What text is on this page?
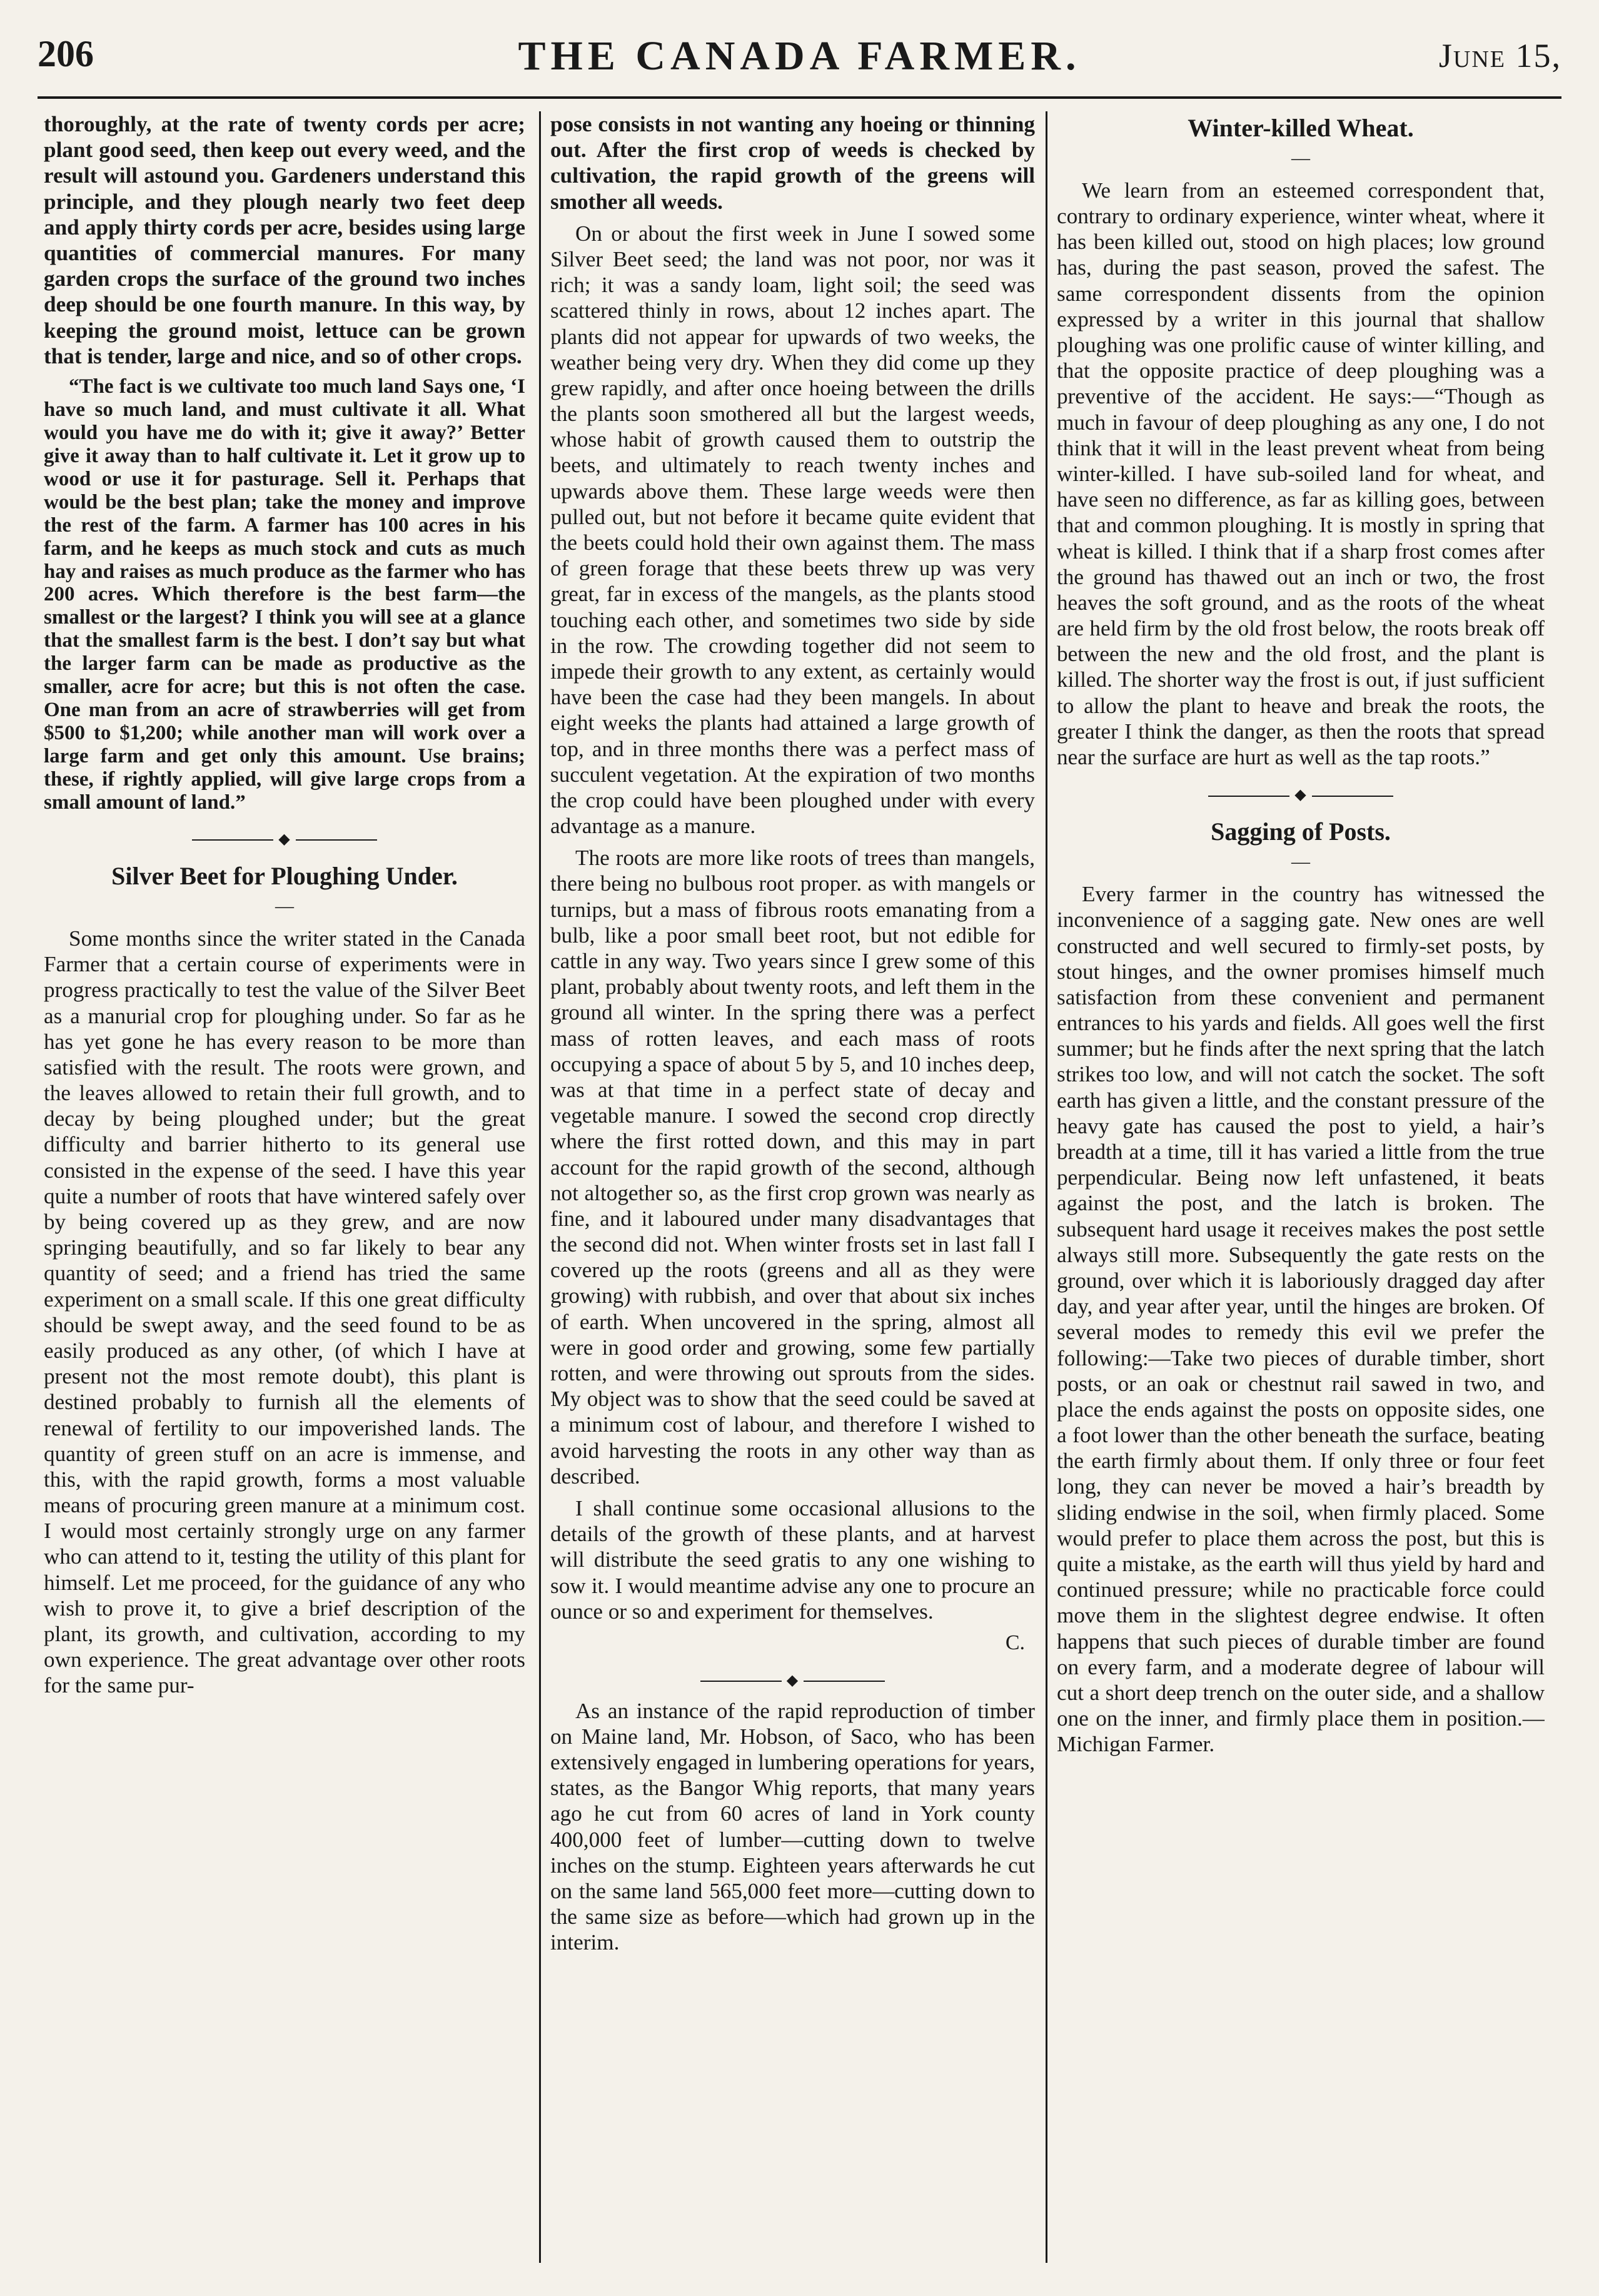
206	THE CANADA FARMER.	June 15,

thoroughly, at the rate of twenty cords per acre; plant good seed, then keep out every weed, and the result will astound you. Gardeners understand this principle, and they plough nearly two feet deep and apply thirty cords per acre, besides using large quantities of commercial manures. For many garden crops the surface of the ground two inches deep should be one fourth manure. In this way, by keeping the ground moist, lettuce can be grown that is tender, large and nice, and so of other crops.

“The fact is we cultivate too much land Says one, ‘I have so much land, and must cultivate it all. What would you have me do with it; give it away?’ Better give it away than to half cultivate it. Let it grow up to wood or use it for pasturage. Sell it. Perhaps that would be the best plan; take the money and improve the rest of the farm. A farmer has 100 acres in his farm, and he keeps as much stock and cuts as much hay and raises as much produce as the farmer who has 200 acres. Which therefore is the best farm—the smallest or the largest? I think you will see at a glance that the smallest farm is the best. I don’t say but what the larger farm can be made as productive as the smaller, acre for acre; but this is not often the case. One man from an acre of strawberries will get from $500 to $1,200; while another man will work over a large farm and get only this amount. Use brains; these, if rightly applied, will give large crops from a small amount of land.”

◆
Silver Beet for Ploughing Under.
—

Some months since the writer stated in the Canada Farmer that a certain course of experiments were in progress practically to test the value of the Silver Beet as a manurial crop for ploughing under. So far as he has yet gone he has every reason to be more than satisfied with the result. The roots were grown, and the leaves allowed to retain their full growth, and to decay by being ploughed under; but the great difficulty and barrier hitherto to its general use consisted in the expense of the seed. I have this year quite a number of roots that have wintered safely over by being covered up as they grew, and are now springing beautifully, and so far likely to bear any quantity of seed; and a friend has tried the same experiment on a small scale. If this one great difficulty should be swept away, and the seed found to be as easily produced as any other, (of which I have at present not the most remote doubt), this plant is destined probably to furnish all the elements of renewal of fertility to our impoverished lands. The quantity of green stuff on an acre is immense, and this, with the rapid growth, forms a most valuable means of procuring green manure at a minimum cost. I would most certainly strongly urge on any farmer who can attend to it, testing the utility of this plant for himself. Let me proceed, for the guidance of any who wish to prove it, to give a brief description of the plant, its growth, and cultivation, according to my own experience. The great advantage over other roots for the same pur-

pose consists in not wanting any hoeing or thinning out. After the first crop of weeds is checked by cultivation, the rapid growth of the greens will smother all weeds.

On or about the first week in June I sowed some Silver Beet seed; the land was not poor, nor was it rich; it was a sandy loam, light soil; the seed was scattered thinly in rows, about 12 inches apart. The plants did not appear for upwards of two weeks, the weather being very dry. When they did come up they grew rapidly, and after once hoeing between the drills the plants soon smothered all but the largest weeds, whose habit of growth caused them to outstrip the beets, and ultimately to reach twenty inches and upwards above them. These large weeds were then pulled out, but not before it became quite evident that the beets could hold their own against them. The mass of green forage that these beets threw up was very great, far in excess of the mangels, as the plants stood touching each other, and sometimes two side by side in the row. The crowding together did not seem to impede their growth to any extent, as certainly would have been the case had they been mangels. In about eight weeks the plants had attained a large growth of top, and in three months there was a perfect mass of succulent vegetation. At the expiration of two months the crop could have been ploughed under with every advantage as a manure.

The roots are more like roots of trees than mangels, there being no bulbous root proper. as with mangels or turnips, but a mass of fibrous roots emanating from a bulb, like a poor small beet root, but not edible for cattle in any way. Two years since I grew some of this plant, probably about twenty roots, and left them in the ground all winter. In the spring there was a perfect mass of rotten leaves, and each mass of roots occupying a space of about 5 by 5, and 10 inches deep, was at that time in a perfect state of decay and vegetable manure. I sowed the second crop directly where the first rotted down, and this may in part account for the rapid growth of the second, although not altogether so, as the first crop grown was nearly as fine, and it laboured under many disadvantages that the second did not. When winter frosts set in last fall I covered up the roots (greens and all as they were growing) with rubbish, and over that about six inches of earth. When uncovered in the spring, almost all were in good order and growing, some few partially rotten, and were throwing out sprouts from the sides. My object was to show that the seed could be saved at a minimum cost of labour, and therefore I wished to avoid harvesting the roots in any other way than as described.

I shall continue some occasional allusions to the details of the growth of these plants, and at harvest will distribute the seed gratis to any one wishing to sow it. I would meantime advise any one to procure an ounce or so and experiment for themselves.

C.
◆

As an instance of the rapid reproduction of timber on Maine land, Mr. Hobson, of Saco, who has been extensively engaged in lumbering operations for years, states, as the Bangor Whig reports, that many years ago he cut from 60 acres of land in York county 400,000 feet of lumber—cutting down to twelve inches on the stump. Eighteen years afterwards he cut on the same land 565,000 feet more—cutting down to the same size as before—which had grown up in the interim.

Winter-killed Wheat.
—

We learn from an esteemed correspondent that, contrary to ordinary experience, winter wheat, where it has been killed out, stood on high places; low ground has, during the past season, proved the safest. The same correspondent dissents from the opinion expressed by a writer in this journal that shallow ploughing was one prolific cause of winter killing, and that the opposite practice of deep ploughing was a preventive of the accident. He says:—“Though as much in favour of deep ploughing as any one, I do not think that it will in the least prevent wheat from being winter-killed. I have sub-soiled land for wheat, and have seen no difference, as far as killing goes, between that and common ploughing. It is mostly in spring that wheat is killed. I think that if a sharp frost comes after the ground has thawed out an inch or two, the frost heaves the soft ground, and as the roots of the wheat are held firm by the old frost below, the roots break off between the new and the old frost, and the plant is killed. The shorter way the frost is out, if just sufficient to allow the plant to heave and break the roots, the greater I think the danger, as then the roots that spread near the surface are hurt as well as the tap roots.”

◆
Sagging of Posts.
—

Every farmer in the country has witnessed the inconvenience of a sagging gate. New ones are well constructed and well secured to firmly-set posts, by stout hinges, and the owner promises himself much satisfaction from these convenient and permanent entrances to his yards and fields. All goes well the first summer; but he finds after the next spring that the latch strikes too low, and will not catch the socket. The soft earth has given a little, and the constant pressure of the heavy gate has caused the post to yield, a hair’s breadth at a time, till it has varied a little from the true perpendicular. Being now left unfastened, it beats against the post, and the latch is broken. The subsequent hard usage it receives makes the post settle always still more. Subsequently the gate rests on the ground, over which it is laboriously dragged day after day, and year after year, until the hinges are broken. Of several modes to remedy this evil we prefer the following:—Take two pieces of durable timber, short posts, or an oak or chestnut rail sawed in two, and place the ends against the posts on opposite sides, one a foot lower than the other beneath the surface, beating the earth firmly about them. If only three or four feet long, they can never be moved a hair’s breadth by sliding endwise in the soil, when firmly placed. Some would prefer to place them across the post, but this is quite a mistake, as the earth will thus yield by hard and continued pressure; while no practicable force could move them in the slightest degree endwise. It often happens that such pieces of durable timber are found on every farm, and a moderate degree of labour will cut a short deep trench on the outer side, and a shallow one on the inner, and firmly place them in position.—Michigan Farmer.
